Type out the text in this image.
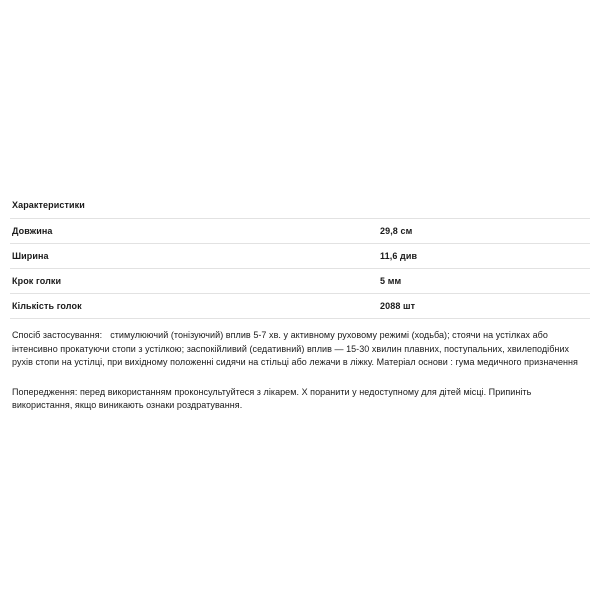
Характеристики
Довжина	29,8 см
Ширина	11,6 див
Крок голки	5 мм
Кількість голок	2088 шт
Спосіб застосування: стимулюючий (тонізуючий) вплив 5-7 хв. у активному руховому режимі (ходьба); стоячи на устілках або інтенсивно прокатуючи стопи з устілкою; заспокійливий (седативний) вплив — 15-30 хвилин плавних, поступальних, хвилеподібних рухів стопи на устілці, при вихідному положенні сидячи на стільці або лежачи в ліжку. Матеріал основи : гума медичного призначення
Попередження: перед використанням проконсультуйтеся з лікарем. Х поранити у недоступному для дітей місці. Припиніть використання, якщо виникають ознаки роздратування.
